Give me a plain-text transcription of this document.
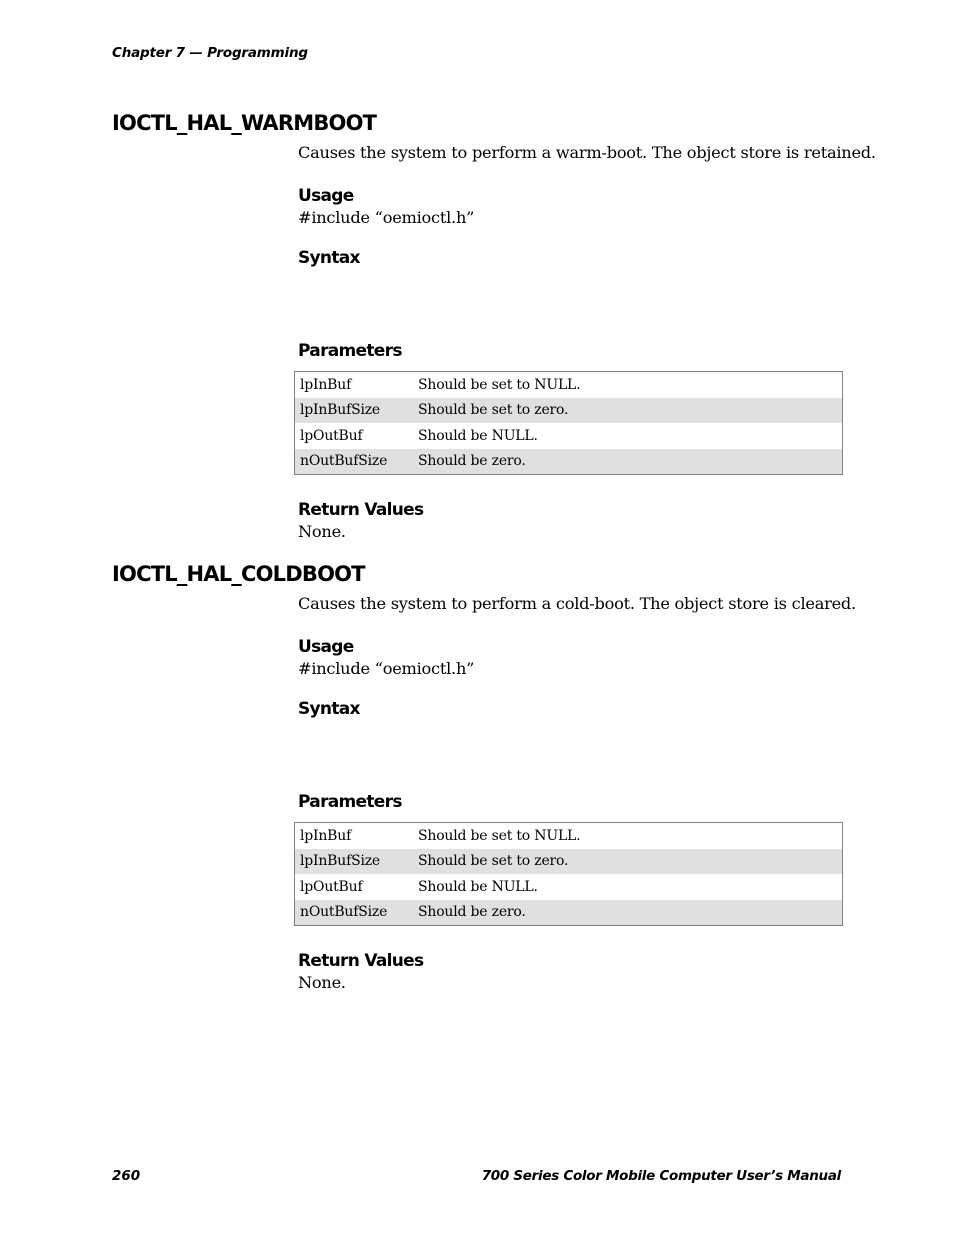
Chapter 7 — Programming
IOCTL_HAL_WARMBOOT
Causes the system to perform a warm-boot. The object store is retained.
Usage
#include “oemioctl.h”
Syntax
Parameters
lpInBuf	Should be set to NULL.
lpInBufSize	Should be set to zero.
lpOutBuf	Should be NULL.
nOutBufSize	Should be zero.
Return Values
None.
IOCTL_HAL_COLDBOOT
Causes the system to perform a cold-boot. The object store is cleared.
Usage
#include “oemioctl.h”
Syntax
Parameters
lpInBuf	Should be set to NULL.
lpInBufSize	Should be set to zero.
lpOutBuf	Should be NULL.
nOutBufSize	Should be zero.
Return Values
None.
260	700 Series Color Mobile Computer User’s Manual
